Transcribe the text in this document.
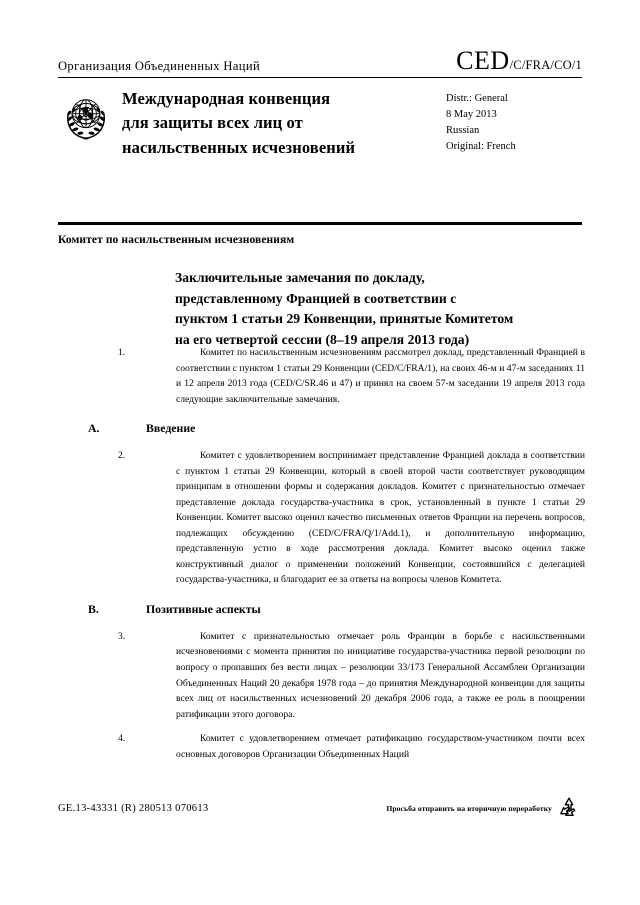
Организация Объединенных Наций	CED /C/FRA/CO/1
Международная конвенция
для защиты всех лиц от
насильственных исчезновений
Distr.: General
8 May 2013
Russian
Original: French
Комитет по насильственным исчезновениям
Заключительные замечания по докладу,
представленному Францией в соответствии с
пунктом 1 статьи 29 Конвенции, принятые Комитетом
на его четвертой сессии (8–19 апреля 2013 года)
1.	Комитет по насильственным исчезновениям рассмотрел доклад, представленный Францией в соответствии с пунктом 1 статьи 29 Конвенции (CED/C/FRA/1), на своих 46-м и 47-м заседаниях 11 и 12 апреля 2013 года (CED/C/SR.46 и 47) и принял на своем 57-м заседании 19 апреля 2013 года следующие заключительные замечания.
A.	Введение
2.	Комитет с удовлетворением воспринимает представление Францией доклада в соответствии с пунктом 1 статьи 29 Конвенции, который в своей второй части соответствует руководящим принципам в отношении формы и содержания докладов. Комитет с признательностью отмечает представление доклада государства-участника в срок, установленный в пункте 1 статьи 29 Конвенции. Комитет высоко оценил качество письменных ответов Франции на перечень вопросов, подлежащих обсуждению (CED/C/FRA/Q/1/Add.1), и дополнительную информацию, представленную устно в ходе рассмотрения доклада. Комитет высоко оценил также конструктивный диалог о применении положений Конвенции, состоявшийся с делегацией государства-участника, и благодарит ее за ответы на вопросы членов Комитета.
B.	Позитивные аспекты
3.	Комитет с признательностью отмечает роль Франции в борьбе с насильственными исчезновениями с момента принятия по инициативе государства-участника первой резолюции по вопросу о пропавших без вести лицах – резолюции 33/173 Генеральной Ассамблеи Организации Объединенных Наций 20 декабря 1978 года – до принятия Международной конвенции для защиты всех лиц от насильственных исчезновений 20 декабря 2006 года, а также ее роль в поощрении ратификации этого договора.
4.	Комитет с удовлетворением отмечает ратификацию государством-участником почти всех основных договоров Организации Объединенных Наций
GE.13-43331 (R) 280513 070613	Просьба отправить на вторичную переработку
